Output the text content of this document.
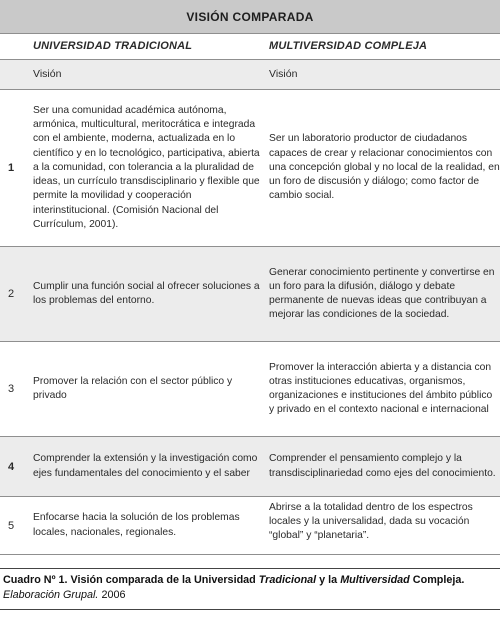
VISIÓN COMPARADA
UNIVERSIDAD TRADICIONAL	MULTIVERSIDAD COMPLEJA
Visión	Visión
1
Ser una comunidad académica autónoma, armónica, multicultural, meritocrática e integrada con el ambiente, moderna, actualizada en lo científico y en lo tecnológico, participativa, abierta a la comunidad, con tolerancia a la pluralidad de ideas, un currículo transdisciplinario y flexible que permite la movilidad y cooperación interinstitucional. (Comisión Nacional del Currículum, 2001).
Ser un laboratorio productor de ciudadanos capaces de crear y relacionar conocimientos con una concepción global y no local de la realidad, en un foro de discusión y diálogo; como factor de cambio social.
2
Cumplir una función social al ofrecer soluciones a los problemas del entorno.
Generar conocimiento pertinente y convertirse en un foro para la difusión, diálogo y debate permanente de nuevas ideas que contribuyan a mejorar las condiciones de la sociedad.
3
Promover la relación con el sector público y privado
Promover la interacción abierta y a distancia con otras instituciones educativas, organismos, organizaciones e instituciones del ámbito público y privado en el contexto nacional e internacional
4
Comprender la extensión y la investigación como ejes fundamentales del conocimiento y el saber
Comprender el pensamiento complejo y la transdisciplinariedad como ejes del conocimiento.
5
Enfocarse hacia la solución de los problemas locales, nacionales, regionales.
Abrirse a la totalidad dentro de los espectros locales y la universalidad, dada su vocación “global” y “planetaria”.
Cuadro Nº 1. Visión comparada de la Universidad Tradicional y la Multiversidad Compleja.
Elaboración Grupal. 2006
